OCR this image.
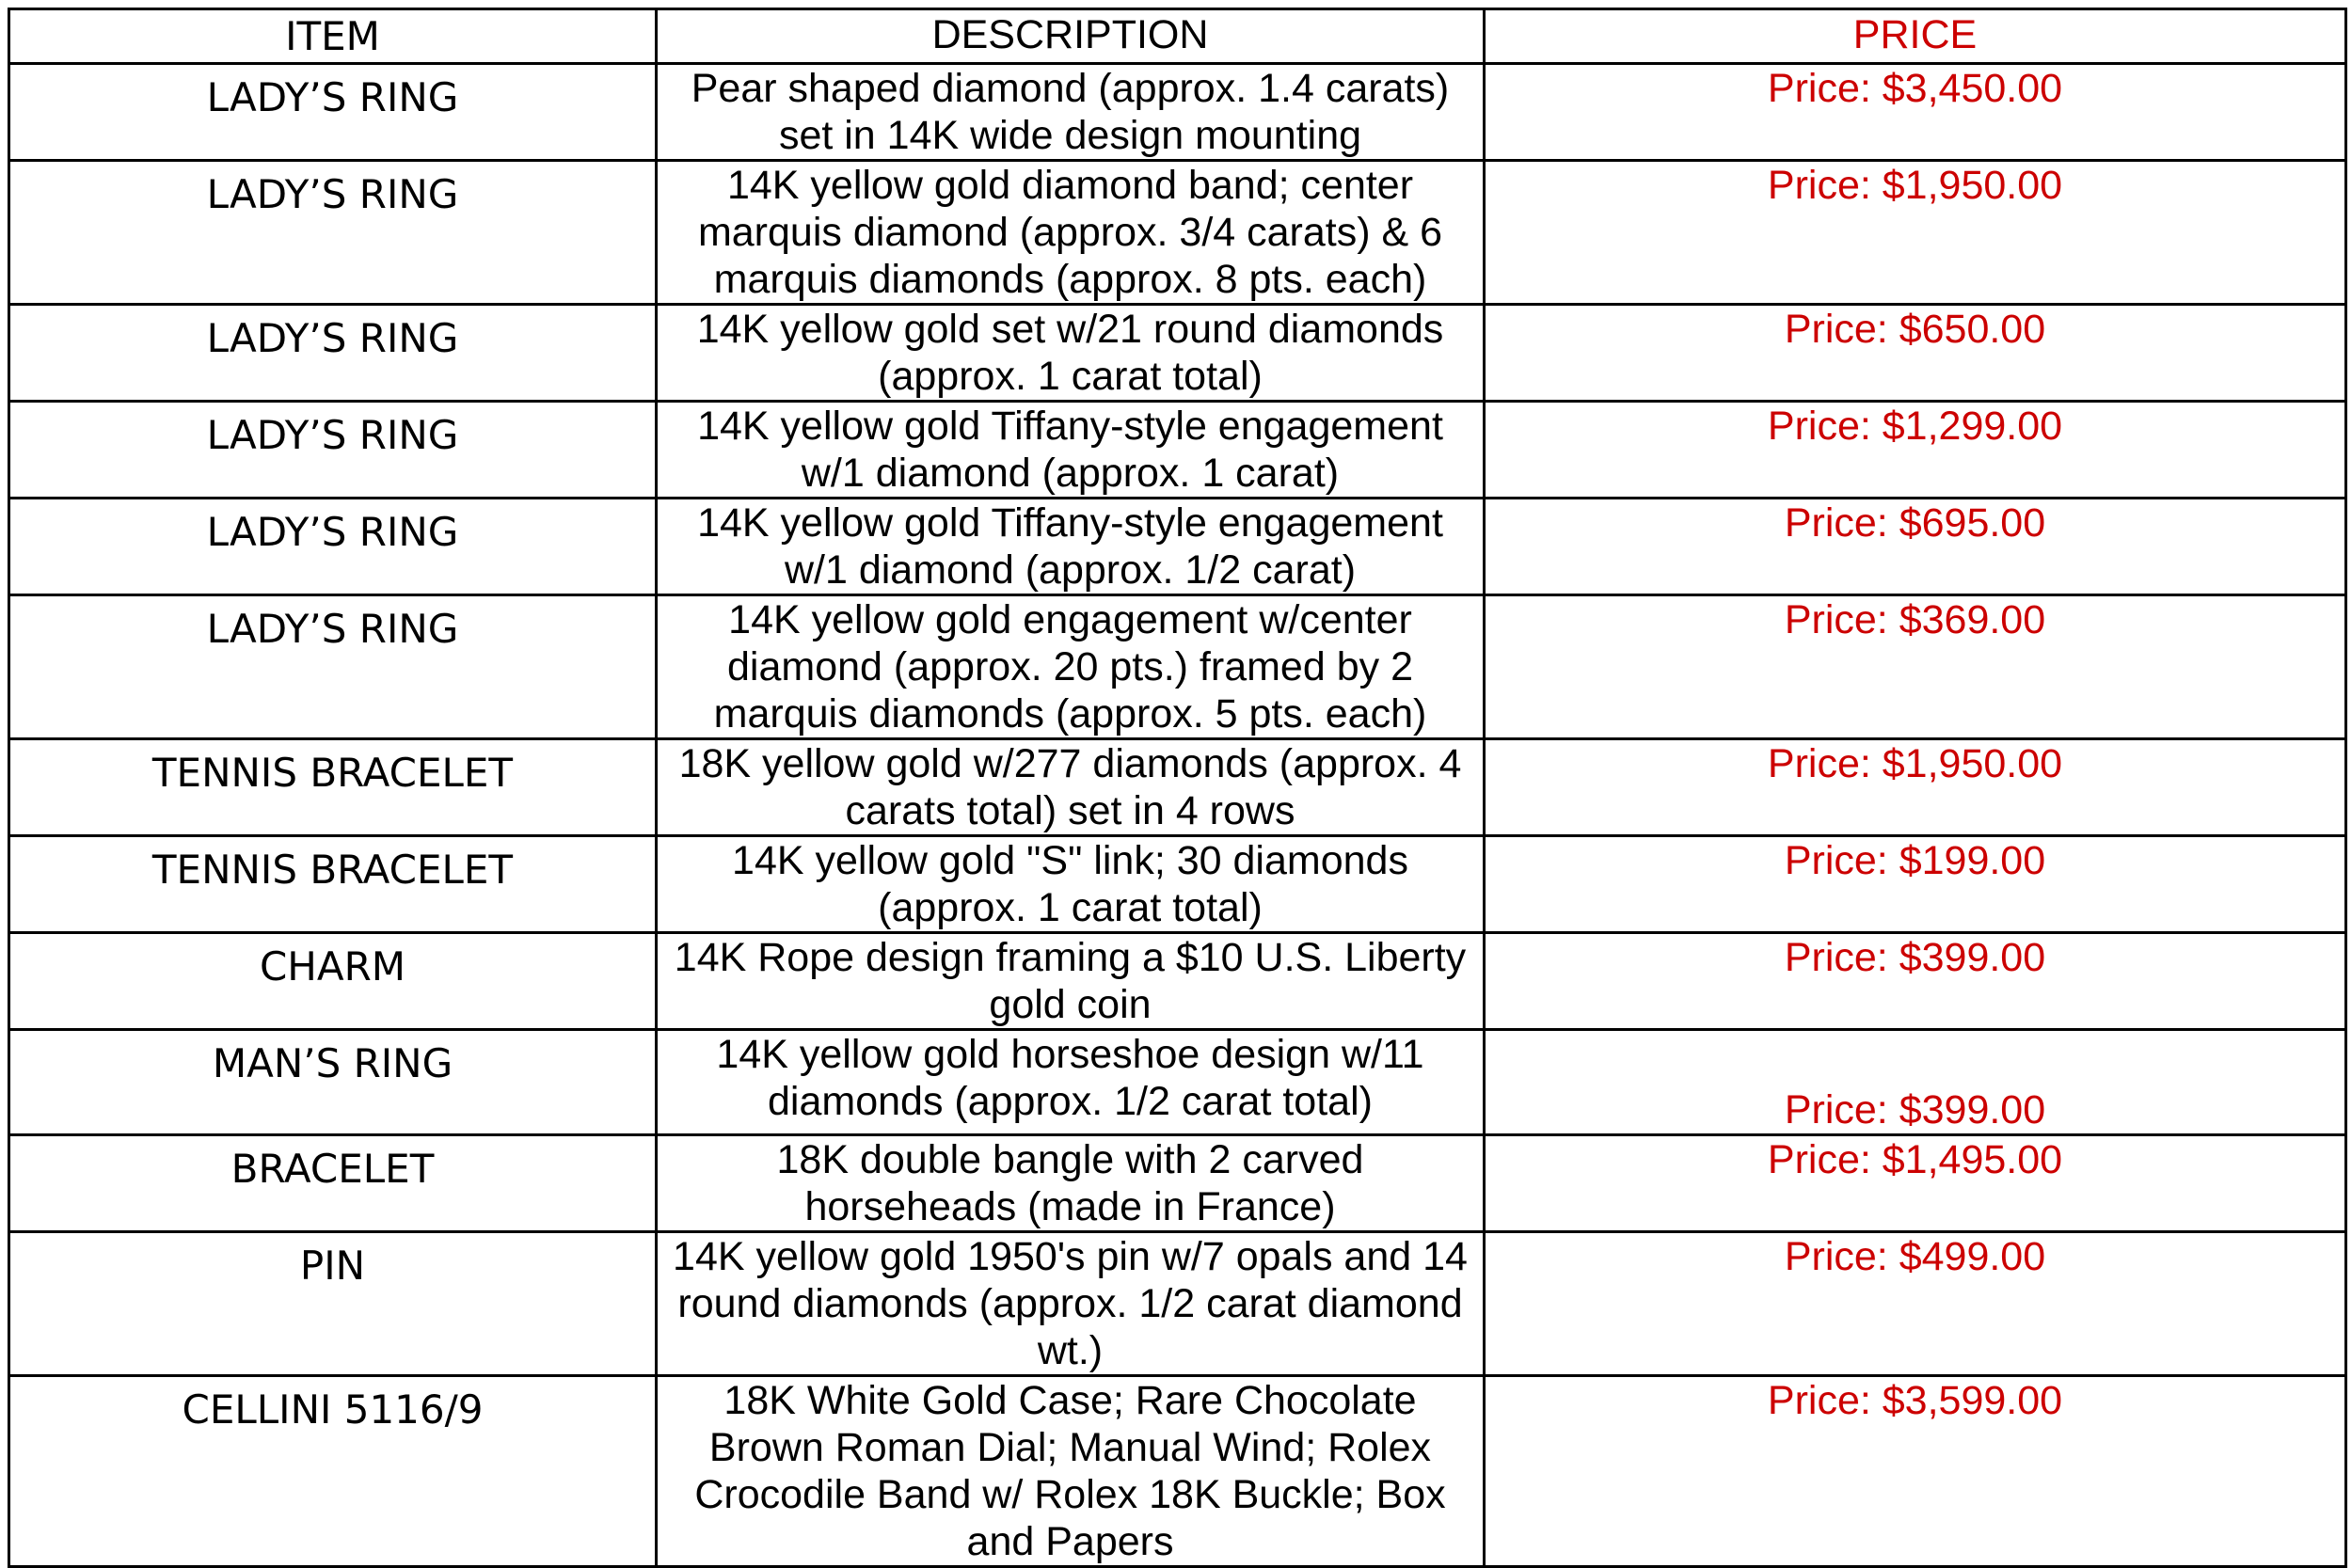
ITEM	DESCRIPTION	PRICE
LADY’S RING	Pear shaped diamond (approx. 1.4 carats) set in 14K wide design mounting	Price: $3,450.00
LADY’S RING	14K yellow gold diamond band; center marquis diamond (approx. 3/4 carats) & 6 marquis diamonds (approx. 8 pts. each)	Price: $1,950.00
LADY’S RING	14K yellow gold set w/21 round diamonds (approx. 1 carat total)	Price: $650.00
LADY’S RING	14K yellow gold Tiffany-style engagement w/1 diamond (approx. 1 carat)	Price: $1,299.00
LADY’S RING	14K yellow gold Tiffany-style engagement w/1 diamond (approx. 1/2 carat)	Price: $695.00
LADY’S RING	14K yellow gold engagement w/center diamond (approx. 20 pts.) framed by 2 marquis diamonds (approx. 5 pts. each)	Price: $369.00
TENNIS BRACELET	18K yellow gold w/277 diamonds (approx. 4 carats total) set in 4 rows	Price: $1,950.00
TENNIS BRACELET	14K yellow gold "S" link; 30 diamonds (approx. 1 carat total)	Price: $199.00
CHARM	14K Rope design framing a $10 U.S. Liberty gold coin	Price: $399.00
MAN’S RING	14K yellow gold horseshoe design w/11 diamonds (approx. 1/2 carat total)	Price: $399.00
BRACELET	18K double bangle with 2 carved horseheads (made in France)	Price: $1,495.00
PIN	14K yellow gold 1950's pin w/7 opals and 14 round diamonds (approx. 1/2 carat diamond wt.)	Price: $499.00
CELLINI 5116/9	18K White Gold Case; Rare Chocolate Brown Roman Dial; Manual Wind; Rolex Crocodile Band w/ Rolex 18K Buckle; Box and Papers	Price: $3,599.00
